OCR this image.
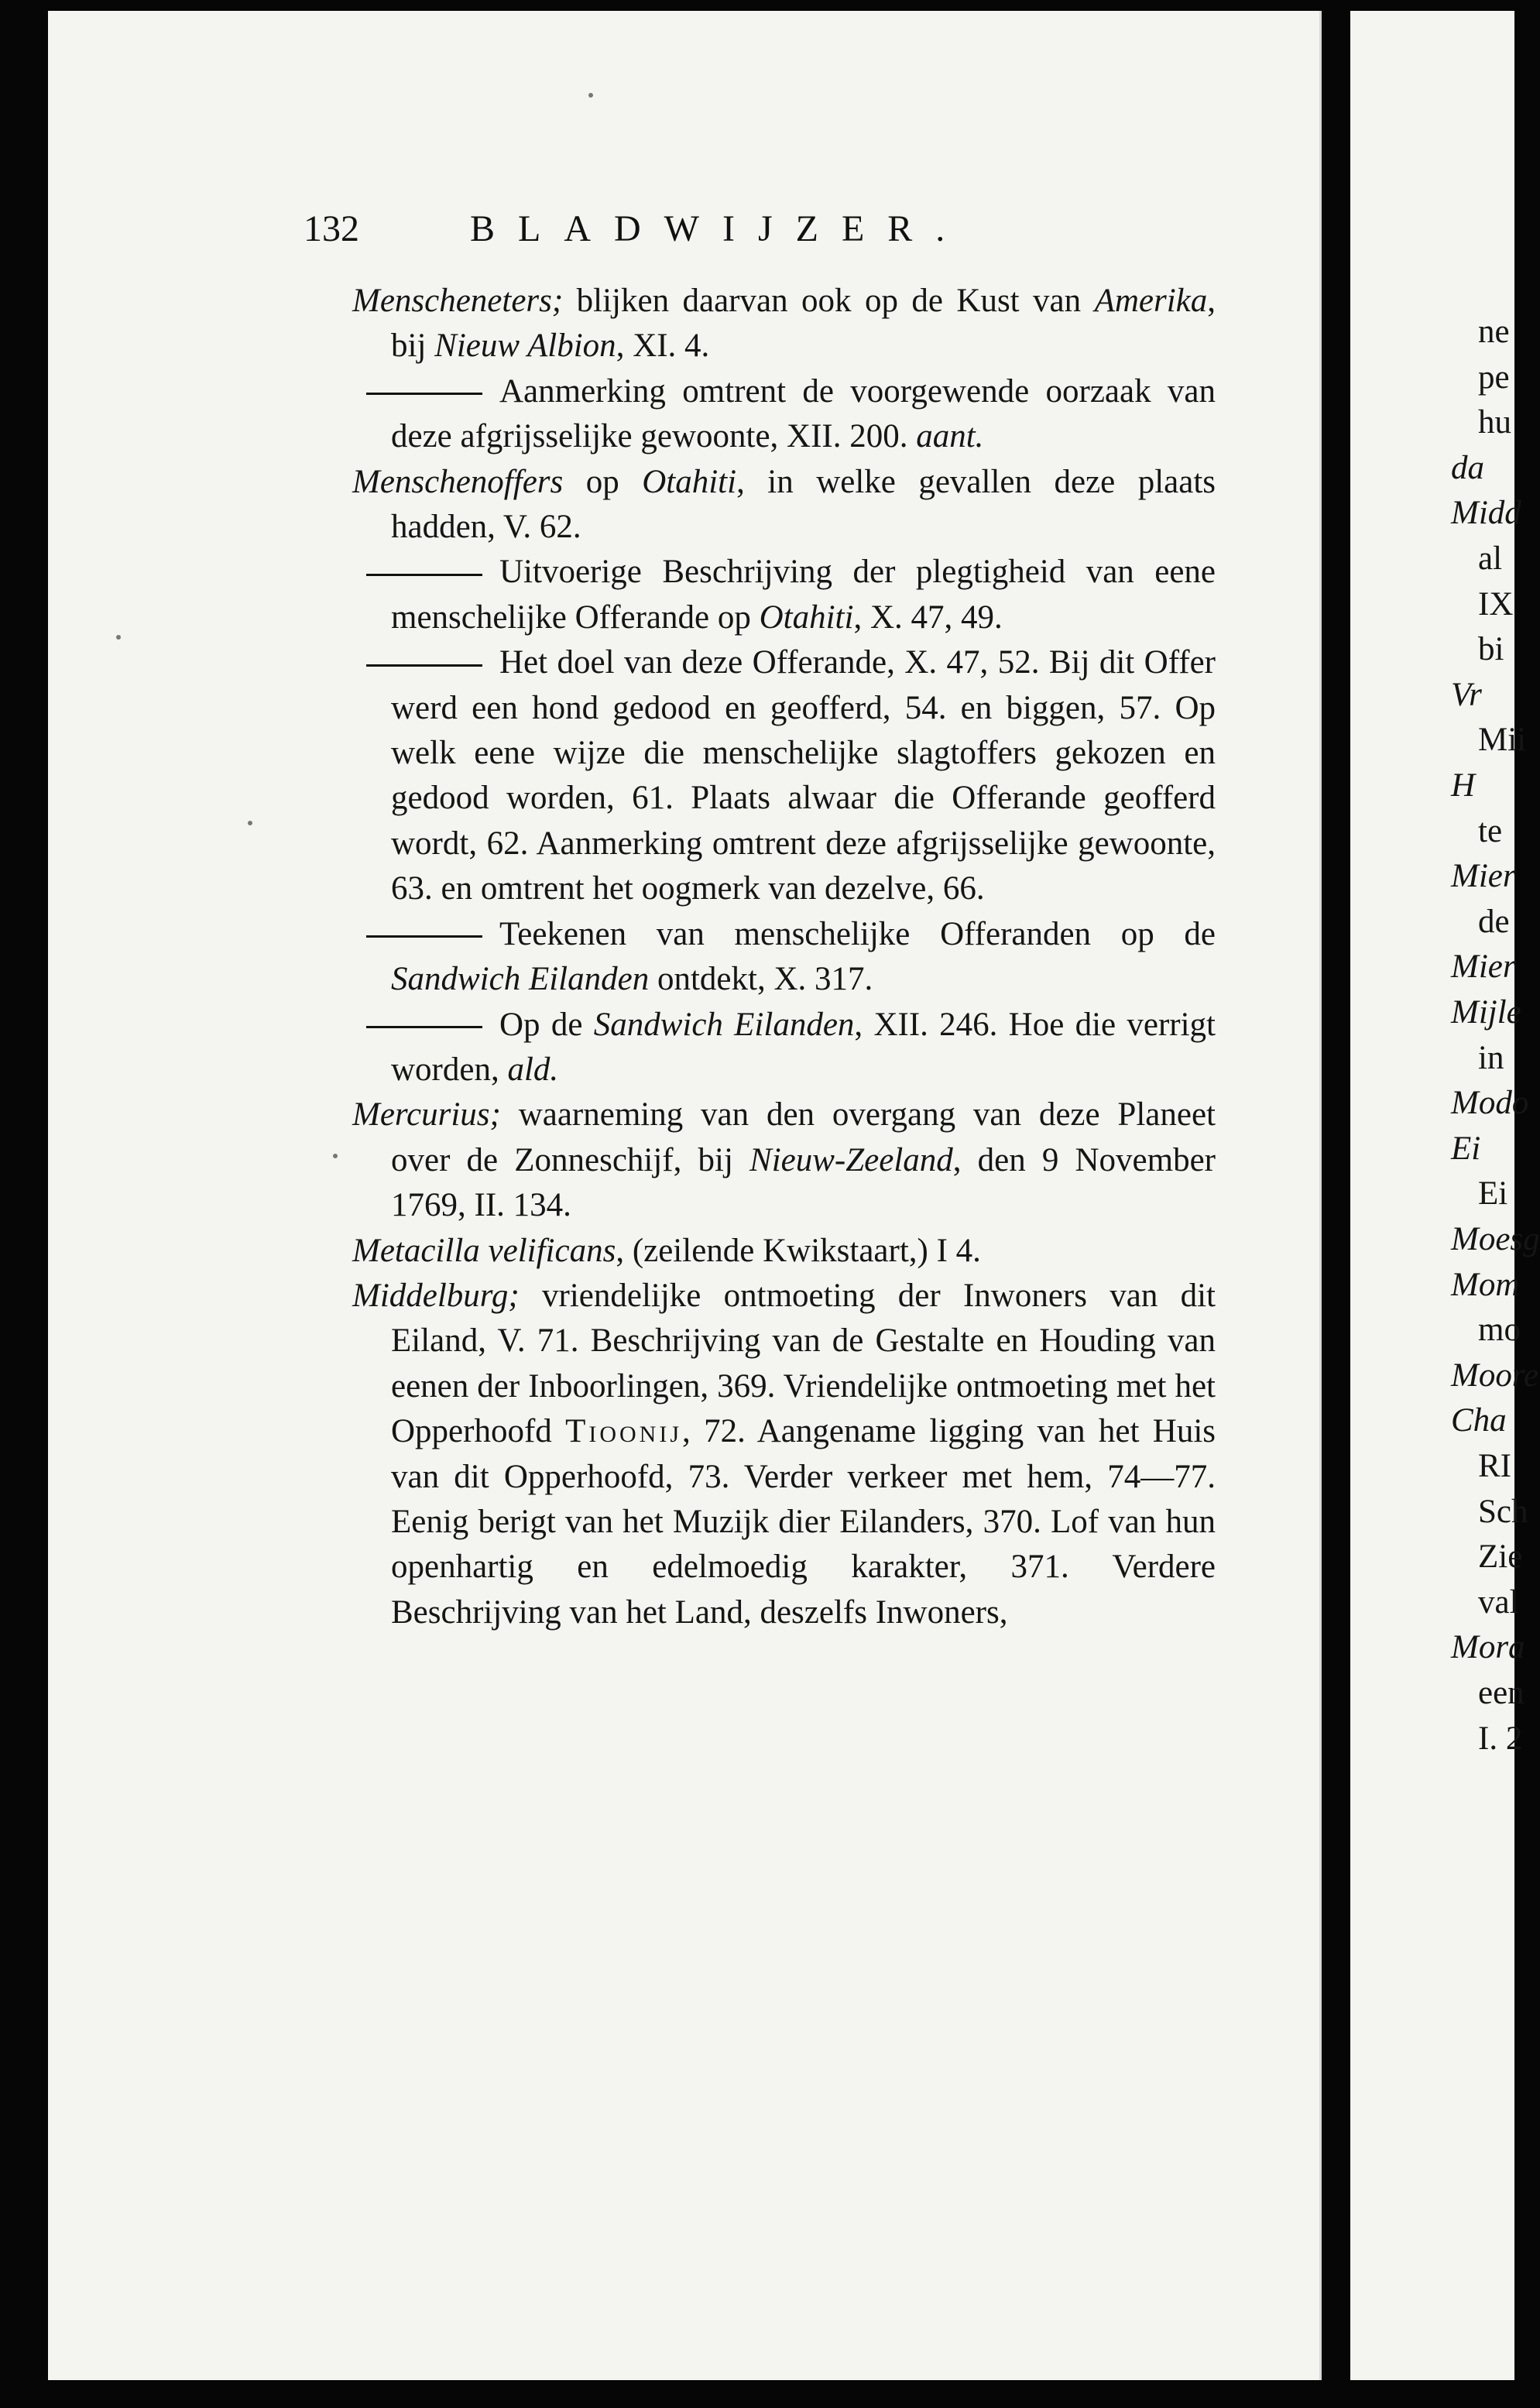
ne
pe
hu
da
Midd
al
IX
bi
Vr
Mii
H
te
Mier
de
Mier
Mijle
in
Modo
Ei
Ei
Moesg
Mom
mo
Moore
Cha
RI
Sch
Zie
val
Mora
een
I. 2
132	BLADWIJZER.

Menscheneters; blijken daarvan ook op de Kust van Amerika, bij Nieuw Albion, XI. 4.

Aanmerking omtrent de voorgewende oorzaak van deze afgrijsselijke gewoonte, XII. 200. aant.

Menschenoffers op Otahiti, in welke gevallen deze plaats hadden, V. 62.

Uitvoerige Beschrijving der plegtigheid van eene menschelijke Offerande op Otahiti, X. 47, 49.

Het doel van deze Offerande, X. 47, 52. Bij dit Offer werd een hond gedood en geofferd, 54. en biggen, 57. Op welk eene wijze die menschelijke slagtoffers gekozen en gedood worden, 61. Plaats alwaar die Offerande geofferd wordt, 62. Aanmerking omtrent deze afgrijsselijke gewoonte, 63. en omtrent het oogmerk van dezelve, 66.

Teekenen van menschelijke Offeranden op de Sandwich Eilanden ontdekt, X. 317.

Op de Sandwich Eilanden, XII. 246. Hoe die verrigt worden, ald.

Mercurius; waarneming van den overgang van deze Planeet over de Zonneschijf, bij Nieuw-Zeeland, den 9 November 1769, II. 134.

Metacilla velificans, (zeilende Kwikstaart,) I 4.

Middelburg; vriendelijke ontmoeting der Inwoners van dit Eiland, V. 71. Beschrijving van de Gestalte en Houding van eenen der Inboorlingen, 369. Vriendelijke ontmoeting met het Opperhoofd Tioonij, 72. Aangename ligging van het Huis van dit Opperhoofd, 73. Verder verkeer met hem, 74—77. Eenig berigt van het Muzijk dier Eilanders, 370. Lof van hun openhartig en edelmoedig karakter, 371. Verdere Beschrijving van het Land, deszelfs Inwoners,
